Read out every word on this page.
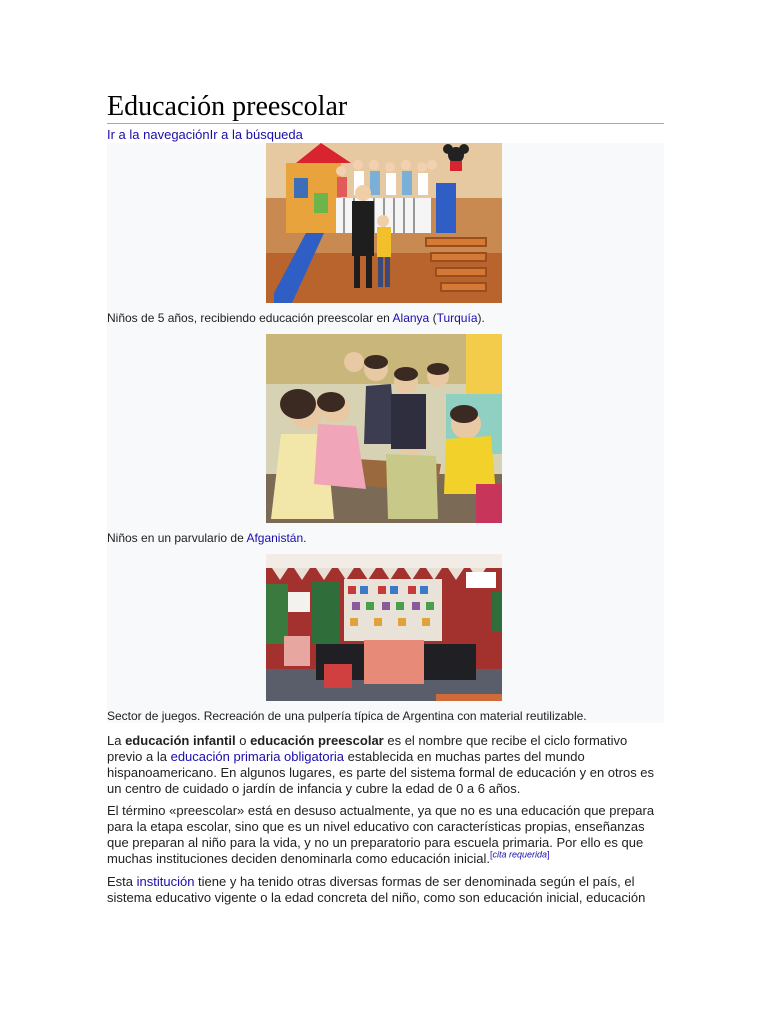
Educación preescolar
Ir a la navegaciónIr a la búsqueda
Niños de 5 años, recibiendo educación preescolar en Alanya (Turquía).
Niños en un parvulario de Afganistán.
Sector de juegos. Recreación de una pulpería típica de Argentina con material reutilizable.
La educación infantil o educación preescolar es el nombre que recibe el ciclo formativo previo a la educación primaria obligatoria establecida en muchas partes del mundo hispanoamericano. En algunos lugares, es parte del sistema formal de educación y en otros es un centro de cuidado o jardín de infancia y cubre la edad de 0 a 6 años.
El término «preescolar» está en desuso actualmente, ya que no es una educación que prepara para la etapa escolar, sino que es un nivel educativo con características propias, enseñanzas que preparan al niño para la vida, y no un preparatorio para escuela primaria. Por ello es que muchas instituciones deciden denominarla como educación inicial.[cita requerida]
Esta institución tiene y ha tenido otras diversas formas de ser denominada según el país, el sistema educativo vigente o la edad concreta del niño, como son educación inicial, educación
